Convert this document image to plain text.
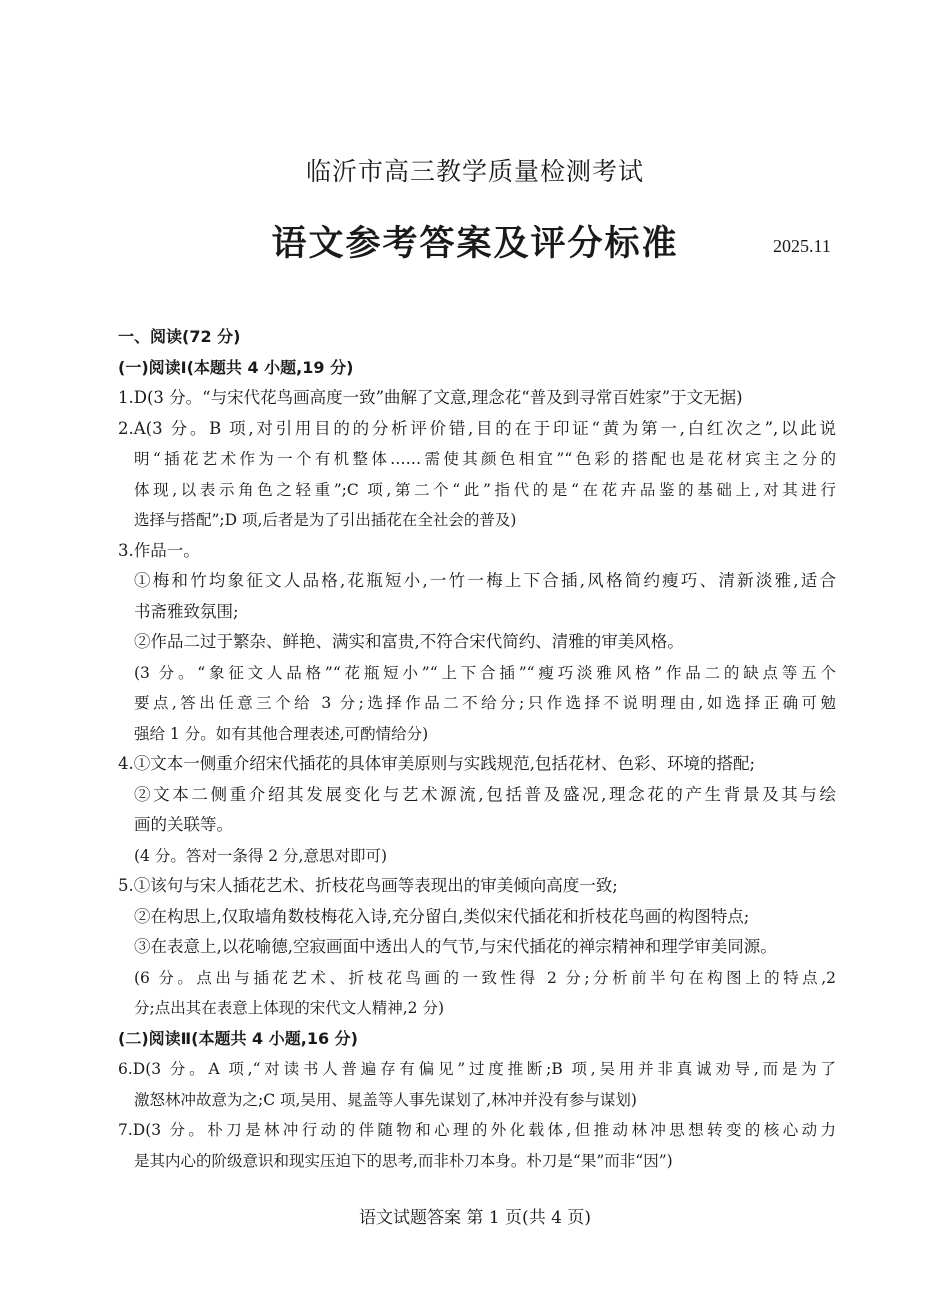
临沂市高三教学质量检测考试
语文参考答案及评分标准	2025.11
一、阅读(72 分)
(一)阅读Ⅰ(本题共 4 小题,19 分)
1.D(3 分。“与宋代花鸟画高度一致”曲解了文意,理念花“普及到寻常百姓家”于文无据)
2.A(3 分。B 项,对引用目的的分析评价错,目的在于印证“黄为第一,白红次之”,以此说
明“插花艺术作为一个有机整体……需使其颜色相宜”“色彩的搭配也是花材宾主之分的
体现,以表示角色之轻重”;C 项,第二个“此”指代的是“在花卉品鉴的基础上,对其进行
选择与搭配”;D 项,后者是为了引出插花在全社会的普及)
3.作品一。
①梅和竹均象征文人品格,花瓶短小,一竹一梅上下合插,风格简约瘦巧、清新淡雅,适合
书斋雅致氛围;
②作品二过于繁杂、鲜艳、满实和富贵,不符合宋代简约、清雅的审美风格。
(3 分。“象征文人品格”“花瓶短小”“上下合插”“瘦巧淡雅风格”作品二的缺点等五个
要点,答出任意三个给 3 分;选择作品二不给分;只作选择不说明理由,如选择正确可勉
强给 1 分。如有其他合理表述,可酌情给分)
4.①文本一侧重介绍宋代插花的具体审美原则与实践规范,包括花材、色彩、环境的搭配;
②文本二侧重介绍其发展变化与艺术源流,包括普及盛况,理念花的产生背景及其与绘
画的关联等。
(4 分。答对一条得 2 分,意思对即可)
5.①该句与宋人插花艺术、折枝花鸟画等表现出的审美倾向高度一致;
②在构思上,仅取墙角数枝梅花入诗,充分留白,类似宋代插花和折枝花鸟画的构图特点;
③在表意上,以花喻德,空寂画面中透出人的气节,与宋代插花的禅宗精神和理学审美同源。
(6 分。点出与插花艺术、折枝花鸟画的一致性得 2 分;分析前半句在构图上的特点,2
分;点出其在表意上体现的宋代文人精神,2 分)
(二)阅读Ⅱ(本题共 4 小题,16 分)
6.D(3 分。A 项,“对读书人普遍存有偏见”过度推断;B 项,吴用并非真诚劝导,而是为了
激怒林冲故意为之;C 项,吴用、晁盖等人事先谋划了,林冲并没有参与谋划)
7.D(3 分。朴刀是林冲行动的伴随物和心理的外化载体,但推动林冲思想转变的核心动力
是其内心的阶级意识和现实压迫下的思考,而非朴刀本身。朴刀是“果”而非“因”)
语文试题答案 第 1 页(共 4 页)
